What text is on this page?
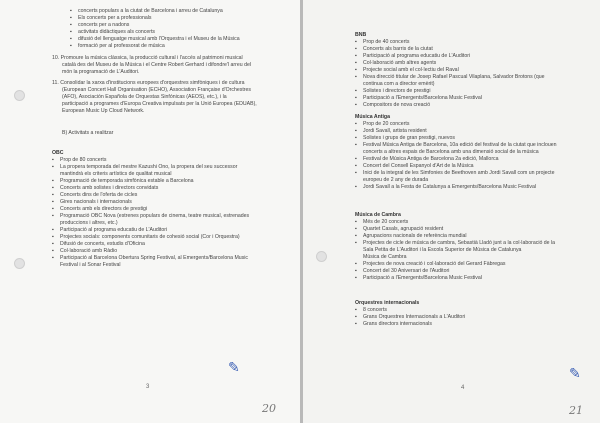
▪ concerts populars a la ciutat de Barcelona i arreu de Catalunya
▪ Els concerts per a professionals
▪ concerts per a nadons
▪ activitats didàctiques als concerts
▪ difusió del llenguatge musical amb l'Orquestra i el Museu de la Música
▪ formació per al professorat de música
10. Promoure la música clàssica, la producció cultural i l'accés al patrimoni musical
català des del Museu de la Música i el Centre Robert Gerhard i difondre'l arreu del
món la programació de L'Auditori.
11. Consolidar la xarxa d'institucions europees d'orquestres simfòniques i de cultura
(European Concert Hall Organisation (ECHO), Association Française d'Orchestres
(AFO), Asociación Española de Orquestas Sinfónicas (AEOS), etc.), i la
participació a programes d'Europa Creativa impulsats per la Unió Europea (EDUAB),
European Music Up Cloud Network.
B) Activitats a realitzar
OBC
▪ Prop de 80 concerts
▪ La propera temporada del mestre Kazushi Ono, la propera del seu successor
mantindrà els criteris artístics de qualitat musical
▪ Programació de temporada simfònica estable a Barcelona
▪ Concerts amb solistes i directors convidats
▪ Concerts dins de l'oferta de cicles
▪ Gires nacionals i internacionals
▪ Concerts amb els directors de prestigi
▪ Programació OBC Nova (estrenes populars de cinema, teatre musical, estrenades
produccions i altres, etc.)
▪ Participació al programa educatiu de L'Auditori
▪ Projectes socials: components comunitaris de cohesió social (Cor i Orquestra)
▪ Difusió de concerts, estudis d'Oficina
▪ Col·laboració amb Ràdio
▪ Participació al Barcelona Obertura Spring Festival, al Emergents/Barcelona Music
Festival i al Sonar Festival
3
✎
20
BNB
▪ Prop de 40 concerts
▪ Concerts als barris de la ciutat
▪ Participació al programa educatiu de L'Auditori
▪ Col·laboració amb altres agents
▪ Projecte social amb el col·lectiu del Raval
▪ Nova direcció titular de Josep Rafael Pascual Vilaplana, Salvador Brotons (que
continua com a director emèrit)
▪ Solistes i directors de prestigi
▪ Participació a l'Emergents/Barcelona Music Festival
▪ Compositors de nova creació
Música Antiga
▪ Prop de 20 concerts
▪ Jordi Savall, artista resident
▪ Solistes i grups de gran prestigi, nuevos
▪ Festival Música Antiga de Barcelona, 10a edició del festival de la ciutat que inclouen
concerts a altres espais de Barcelona amb una dimensió social de la música
▪ Festival de Música Antiga de Barcelona 2a edició, Mallorca
▪ Concert del Consell Espanyol d'Art de la Música
▪ Inici de la integral de les Simfonies de Beethoven amb Jordi Savall com un projecte
europeu de 2 any de durada
▪ Jordi Savall a la Festa de Catalunya a Emergents/Barcelona Music Festival
Música de Cambra
▪ Més de 20 concerts
▪ Quartet Casals, agrupació resident
▪ Agrupacions nacionals de referència mundial
▪ Projectes de cicle de música de cambra, Sebastià Lladó junt a la col·laboració de la
Sala Petita de L'Auditori i la Escola Superior de Música de Catalunya
Música de Cambra
▪ Projectes de nova creació i col·laboració del Gerard Fàbregas
▪ Concert del 30 Aniversari de l'Auditori
▪ Participació a l'Emergents/Barcelona Music Festival
Orquestres internacionals
▪ 8 concerts
▪ Grans Orquestres Internacionals a L'Auditori
▪ Grans directors internacionals
4
✎
21
